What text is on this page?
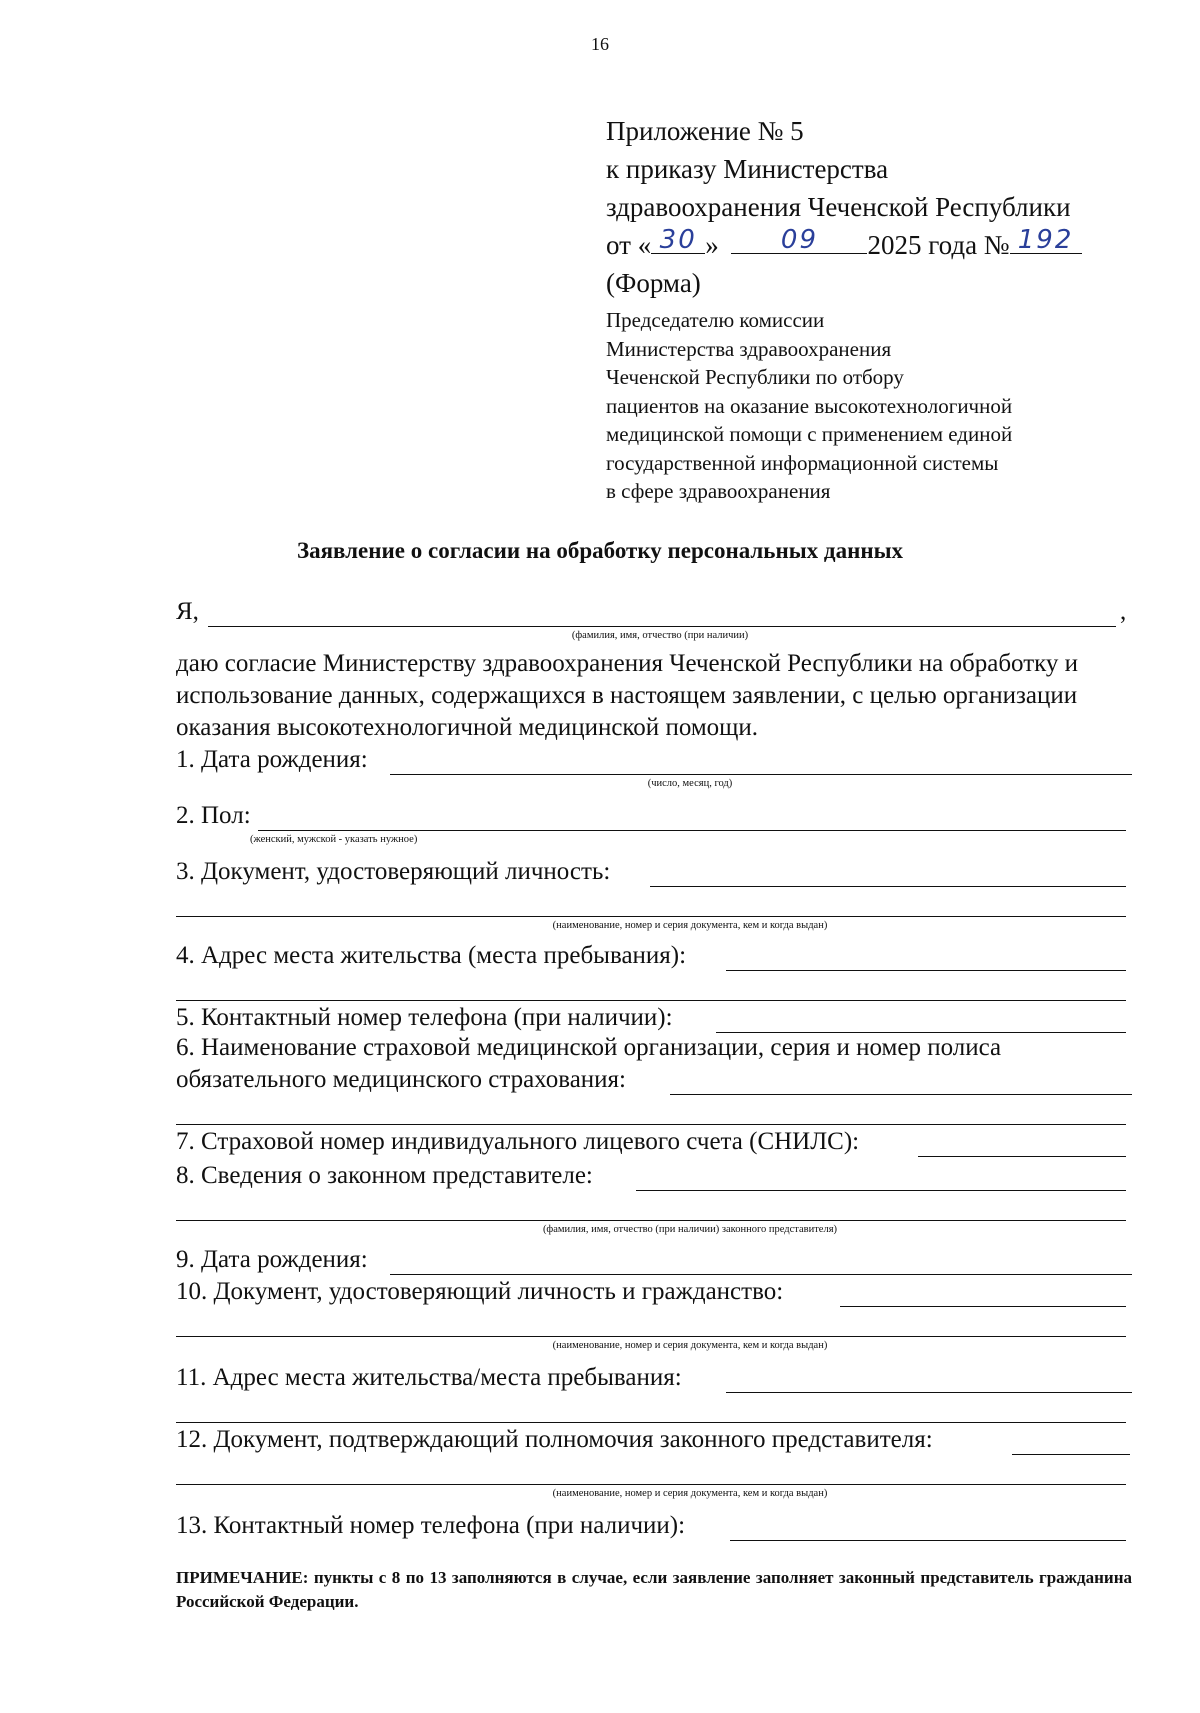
16
Приложение № 5
к приказу Министерства
здравоохранения Чеченской Республики
от « 30 »	09	2025 года № 192
(Форма)
Председателю комиссии
Министерства здравоохранения
Чеченской Республики по отбору
пациентов на оказание высокотехнологичной
медицинской помощи с применением единой
государственной информационной системы
в сфере здравоохранения
Заявление о согласии на обработку персональных данных
Я,	,
(фамилия, имя, отчество (при наличии)
даю согласие Министерству здравоохранения Чеченской Республики на обработку и использование данных, содержащихся в настоящем заявлении, с целью организации оказания высокотехнологичной медицинской помощи.
1. Дата рождения:
(число, месяц, год)
2. Пол:
(женский, мужской - указать нужное)
3. Документ, удостоверяющий личность:
(наименование, номер и серия документа, кем и когда выдан)
4. Адрес места жительства (места пребывания):
5. Контактный номер телефона (при наличии):
6. Наименование страховой медицинской организации, серия и номер полиса
обязательного медицинского страхования:
7. Страховой номер индивидуального лицевого счета (СНИЛС):
8. Сведения о законном представителе:
(фамилия, имя, отчество (при наличии) законного представителя)
9. Дата рождения:
10. Документ, удостоверяющий личность и гражданство:
(наименование, номер и серия документа, кем и когда выдан)
11. Адрес места жительства/места пребывания:
12. Документ, подтверждающий полномочия законного представителя:
(наименование, номер и серия документа, кем и когда выдан)
13. Контактный номер телефона (при наличии):
ПРИМЕЧАНИЕ: пункты с 8 по 13 заполняются в случае, если заявление заполняет законный представитель гражданина Российской Федерации.
